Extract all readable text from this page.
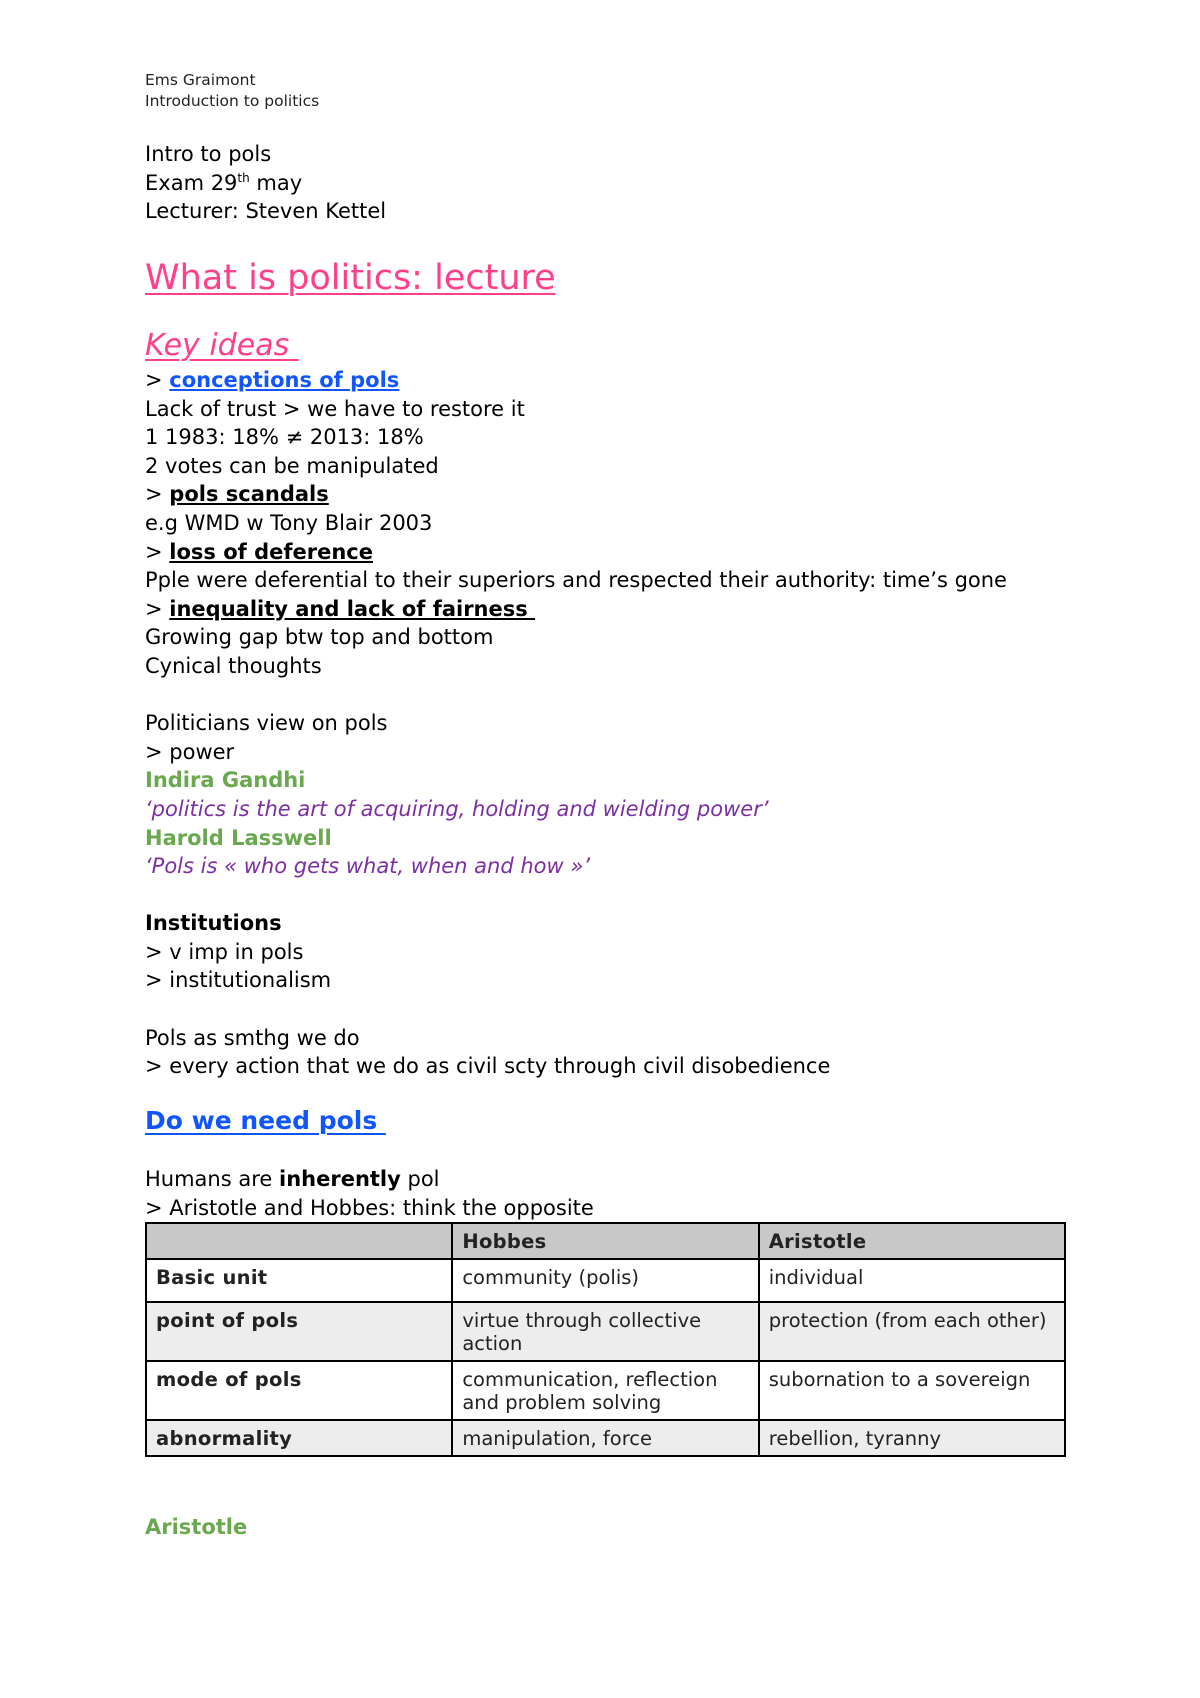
Ems Graimont
Introduction to politics
Intro to pols
Exam 29th may
Lecturer: Steven Kettel
What is politics: lecture
Key ideas
> conceptions of pols
Lack of trust > we have to restore it
1 1983: 18% ≠ 2013: 18%
2 votes can be manipulated
> pols scandals
e.g WMD w Tony Blair 2003
> loss of deference
Pple were deferential to their superiors and respected their authority: time’s gone
> inequality and lack of fairness
Growing gap btw top and bottom
Cynical thoughts
Politicians view on pols
> power
Indira Gandhi
‘politics is the art of acquiring, holding and wielding power’
Harold Lasswell
‘Pols is « who gets what, when and how »’
Institutions
> v imp in pols
> institutionalism
Pols as smthg we do
> every action that we do as civil scty through civil disobedience
Do we need pols
Humans are inherently pol
> Aristotle and Hobbes: think the opposite
	Hobbes	Aristotle
Basic unit	community (polis)	individual
point of pols	virtue through collective action	protection (from each other)
mode of pols	communication, reflection and problem solving	subornation to a sovereign
abnormality	manipulation, force	rebellion, tyranny
Aristotle
